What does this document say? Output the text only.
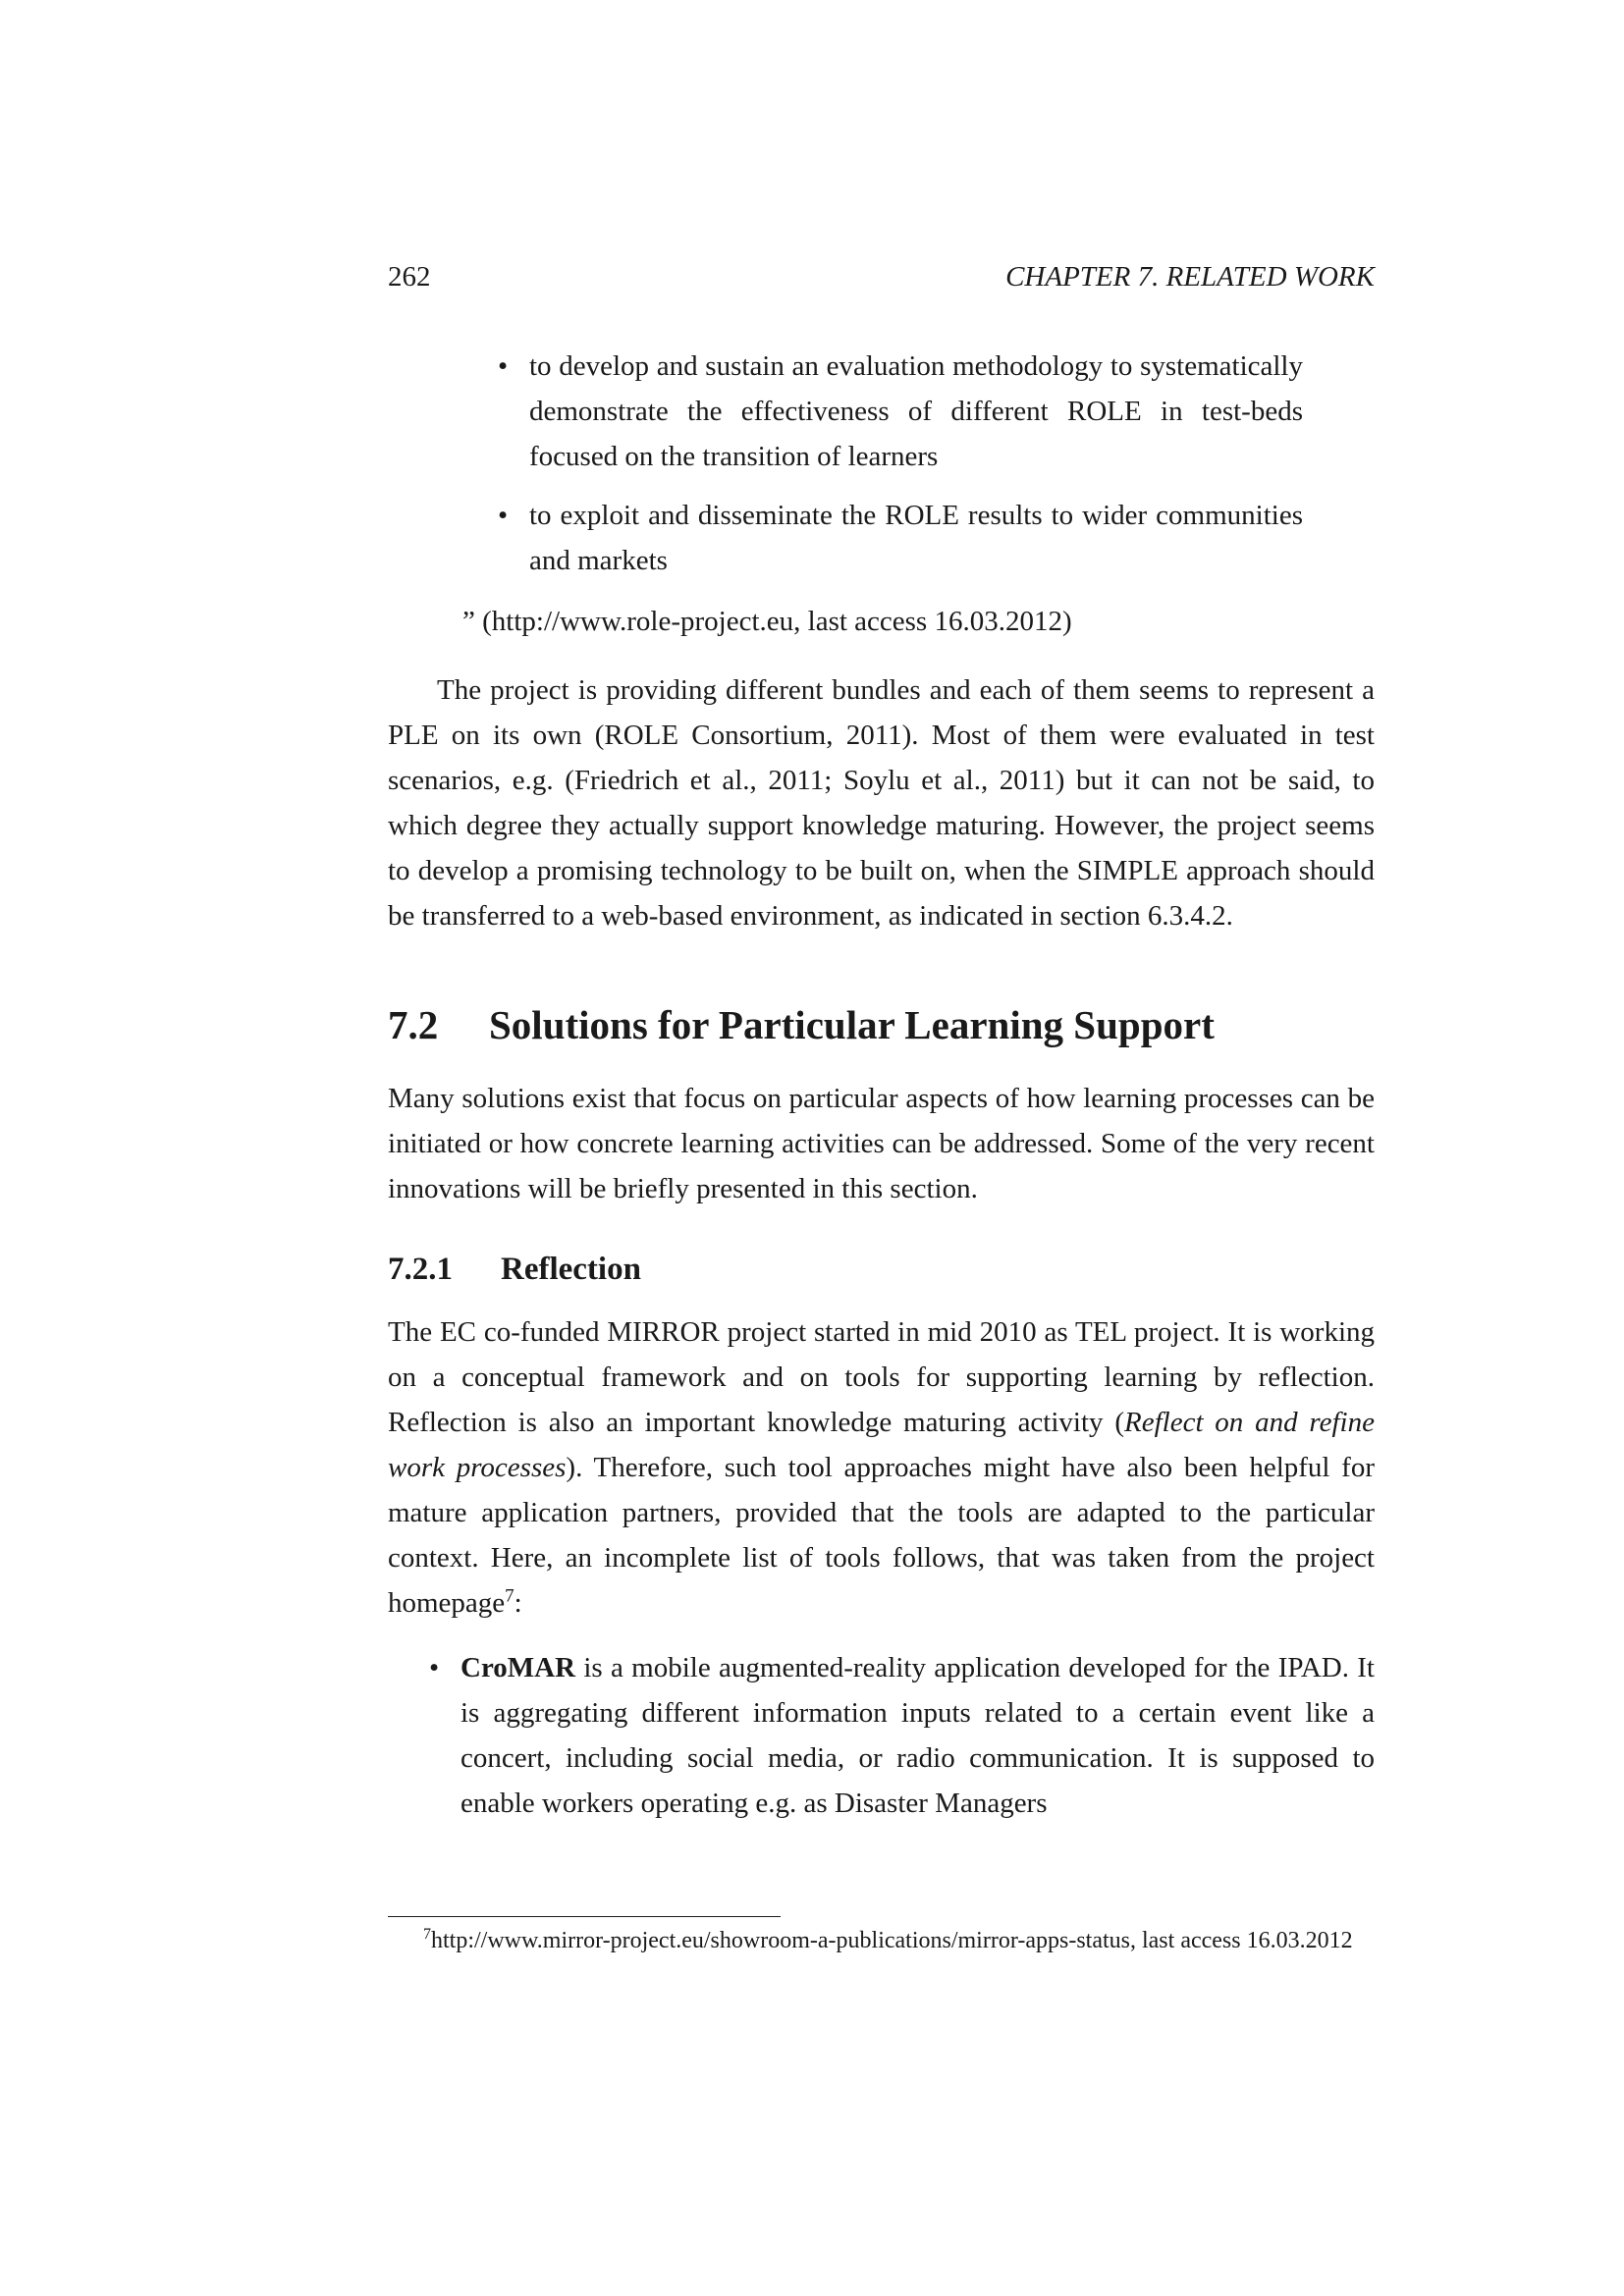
262	CHAPTER 7. RELATED WORK
• to develop and sustain an evaluation methodology to systematically demonstrate the effectiveness of different ROLE in test-beds focused on the transition of learners
• to exploit and disseminate the ROLE results to wider communities and markets

” (http://www.role-project.eu, last access 16.03.2012)

The project is providing different bundles and each of them seems to represent a PLE on its own (ROLE Consortium, 2011). Most of them were evaluated in test scenarios, e.g. (Friedrich et al., 2011; Soylu et al., 2011) but it can not be said, to which degree they actually support knowledge maturing. However, the project seems to develop a promising technology to be built on, when the SIMPLE approach should be transferred to a web-based environment, as indicated in section 6.3.4.2.

7.2 Solutions for Particular Learning Support

Many solutions exist that focus on particular aspects of how learning processes can be initiated or how concrete learning activities can be addressed. Some of the very recent innovations will be briefly presented in this section.

7.2.1 Reflection

The EC co-funded MIRROR project started in mid 2010 as TEL project. It is working on a conceptual framework and on tools for supporting learning by reflection. Reflection is also an important knowledge maturing activity (Reflect on and refine work processes). Therefore, such tool approaches might have also been helpful for mature application partners, provided that the tools are adapted to the particular context. Here, an incomplete list of tools follows, that was taken from the project homepage$^7$:

• CroMAR is a mobile augmented-reality application developed for the IPAD. It is aggregating different information inputs related to a certain event like a concert, including social media, or radio communication. It is supposed to enable workers operating e.g. as Disaster Managers

$^7$http://www.mirror-project.eu/showroom-a-publications/mirror-apps-status, last access 16.03.2012
